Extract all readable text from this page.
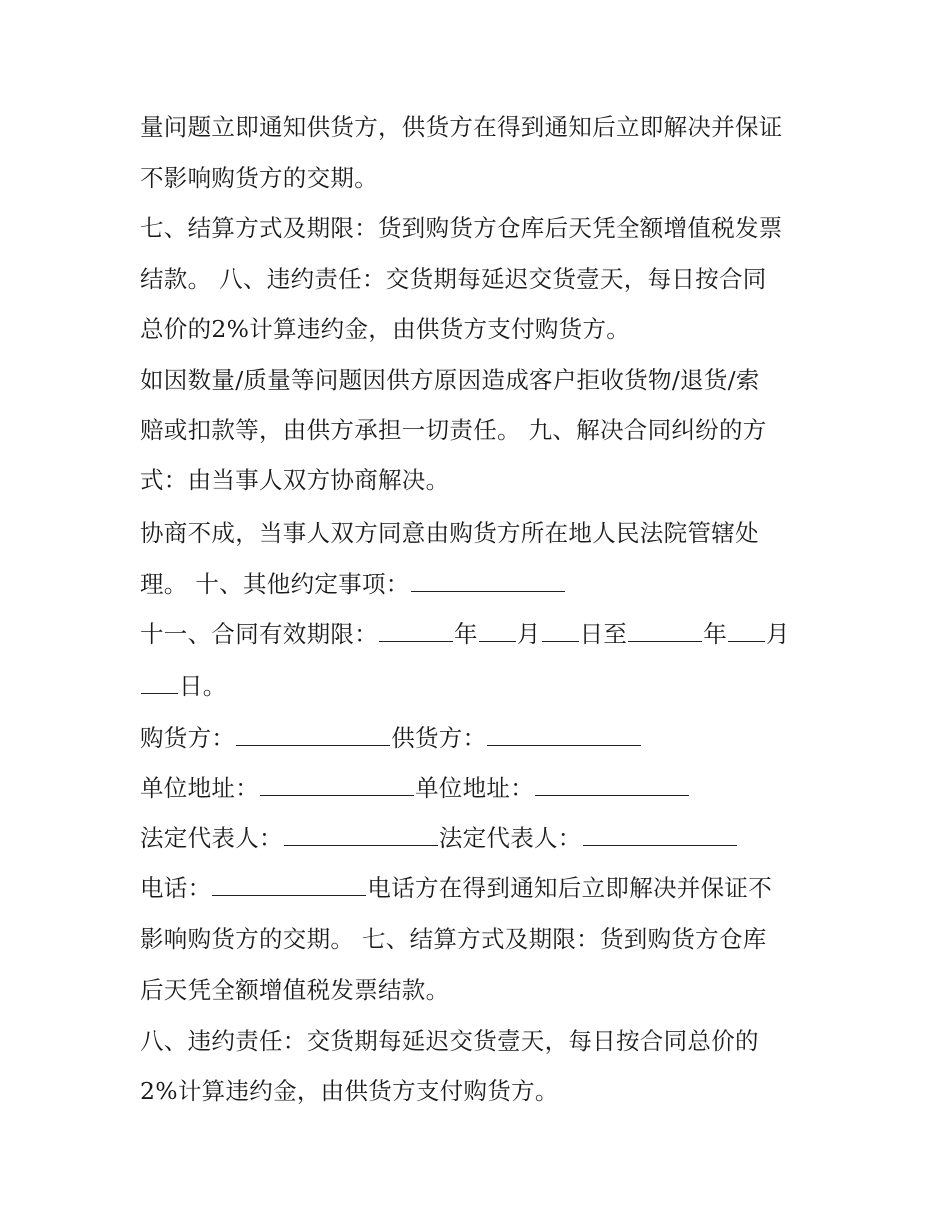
量问题立即通知供货方，供货方在得到通知后立即解决并保证
不影响购货方的交期。
七、结算方式及期限：货到购货方仓库后天凭全额增值税发票
结款。 八、违约责任：交货期每延迟交货壹天，每日按合同
总价的2%计算违约金，由供货方支付购货方。
如因数量/质量等问题因供方原因造成客户拒收货物/退货/索
赔或扣款等，由供方承担一切责任。 九、解决合同纠纷的方
式：由当事人双方协商解决。
协商不成，当事人双方同意由购货方所在地人民法院管辖处
理。 十、其他约定事项：
十一、合同有效期限：	年 月 日至	年 月
日。
购货方：	供货方：
单位地址：	单位地址：
法定代表人：	法定代表人：
电话：	电话方在得到通知后立即解决并保证不
影响购货方的交期。 七、结算方式及期限：货到购货方仓库
后天凭全额增值税发票结款。
八、违约责任：交货期每延迟交货壹天，每日按合同总价的
2%计算违约金，由供货方支付购货方。
